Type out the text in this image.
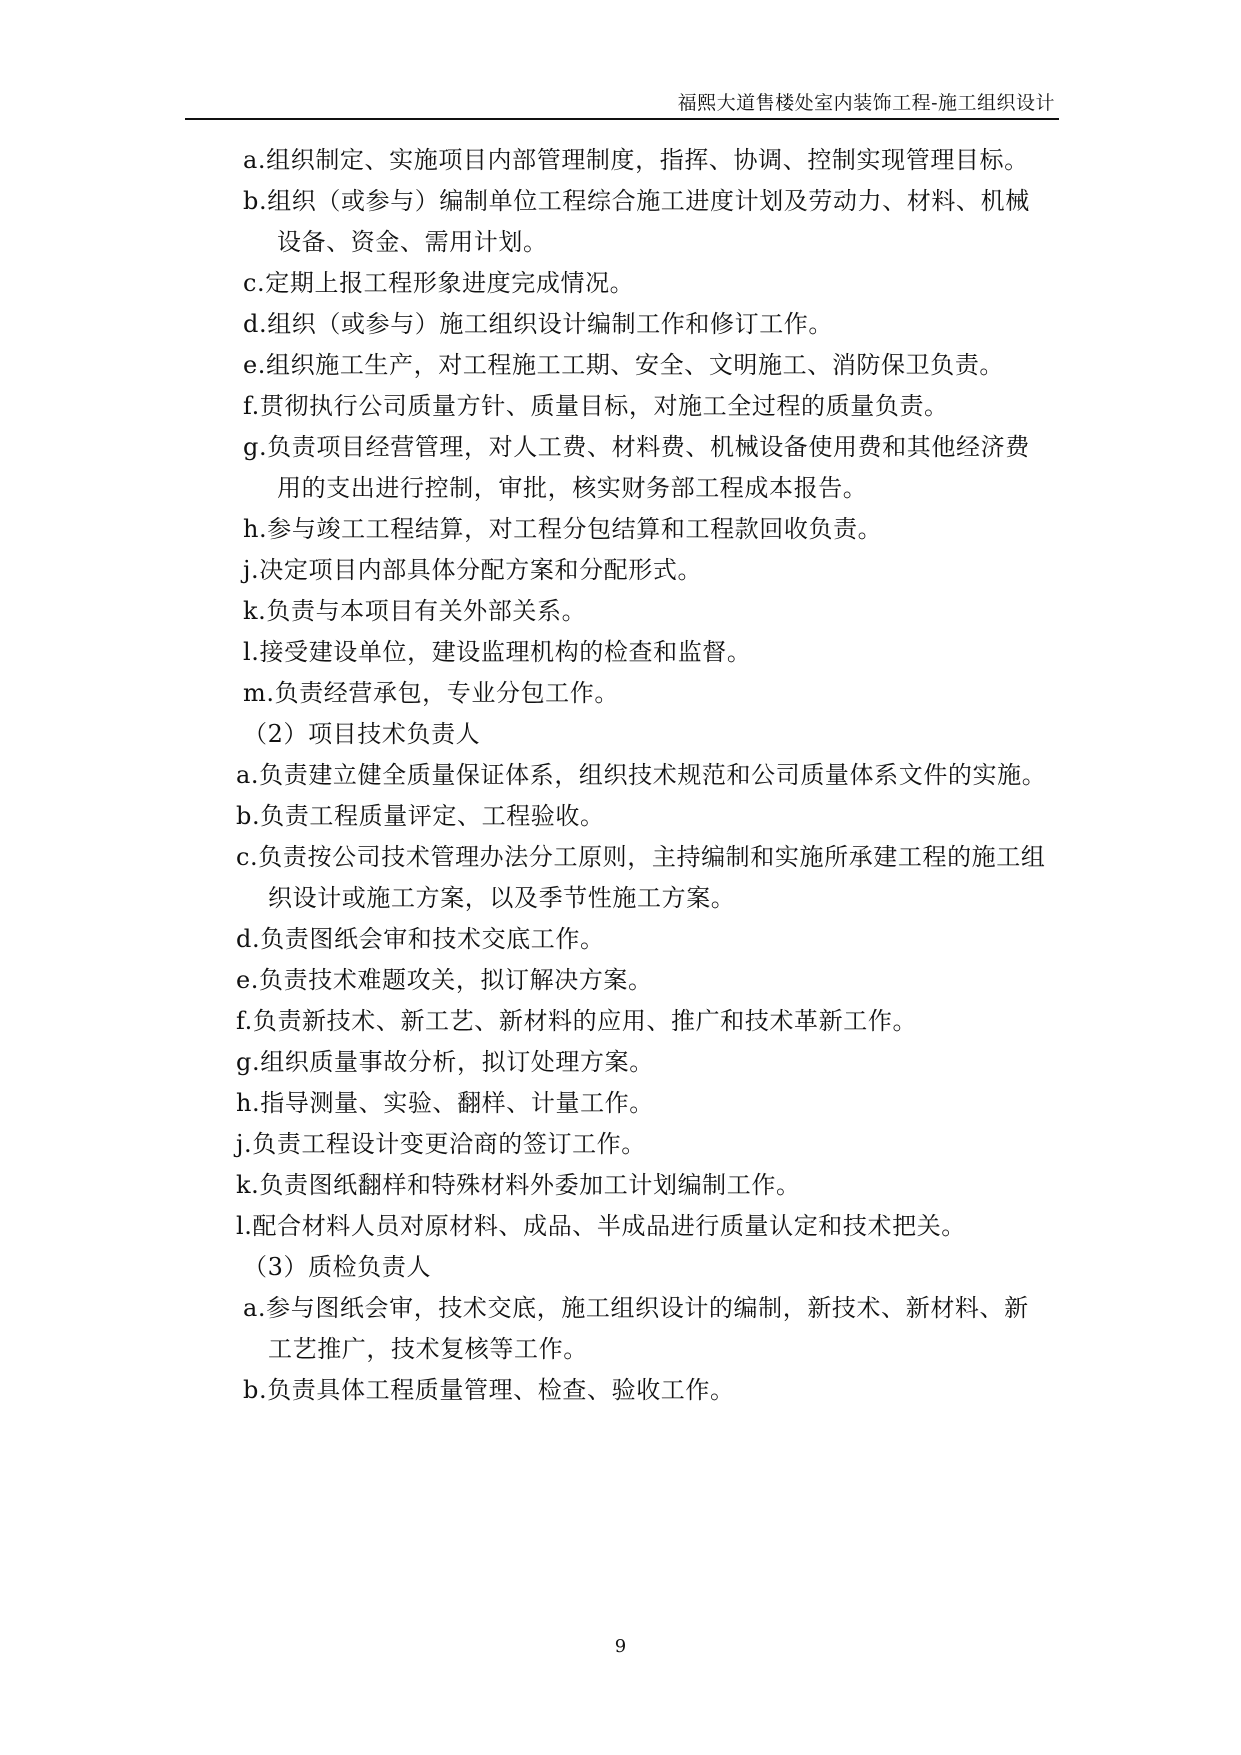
福熙大道售楼处室内装饰工程-施工组织设计
a.组织制定、实施项目内部管理制度，指挥、协调、控制实现管理目标。
b.组织（或参与）编制单位工程综合施工进度计划及劳动力、材料、机械
设备、资金、需用计划。
c.定期上报工程形象进度完成情况。
d.组织（或参与）施工组织设计编制工作和修订工作。
e.组织施工生产，对工程施工工期、安全、文明施工、消防保卫负责。
f.贯彻执行公司质量方针、质量目标，对施工全过程的质量负责。
g.负责项目经营管理，对人工费、材料费、机械设备使用费和其他经济费
用的支出进行控制，审批，核实财务部工程成本报告。
h.参与竣工工程结算，对工程分包结算和工程款回收负责。
j.决定项目内部具体分配方案和分配形式。
k.负责与本项目有关外部关系。
l.接受建设单位，建设监理机构的检查和监督。
m.负责经营承包，专业分包工作。
（2）项目技术负责人
a.负责建立健全质量保证体系，组织技术规范和公司质量体系文件的实施。
b.负责工程质量评定、工程验收。
c.负责按公司技术管理办法分工原则，主持编制和实施所承建工程的施工组
织设计或施工方案，以及季节性施工方案。
d.负责图纸会审和技术交底工作。
e.负责技术难题攻关，拟订解决方案。
f.负责新技术、新工艺、新材料的应用、推广和技术革新工作。
g.组织质量事故分析，拟订处理方案。
h.指导测量、实验、翻样、计量工作。
j.负责工程设计变更洽商的签订工作。
k.负责图纸翻样和特殊材料外委加工计划编制工作。
l.配合材料人员对原材料、成品、半成品进行质量认定和技术把关。
（3）质检负责人
a.参与图纸会审，技术交底，施工组织设计的编制，新技术、新材料、新
工艺推广，技术复核等工作。
b.负责具体工程质量管理、检查、验收工作。
9
